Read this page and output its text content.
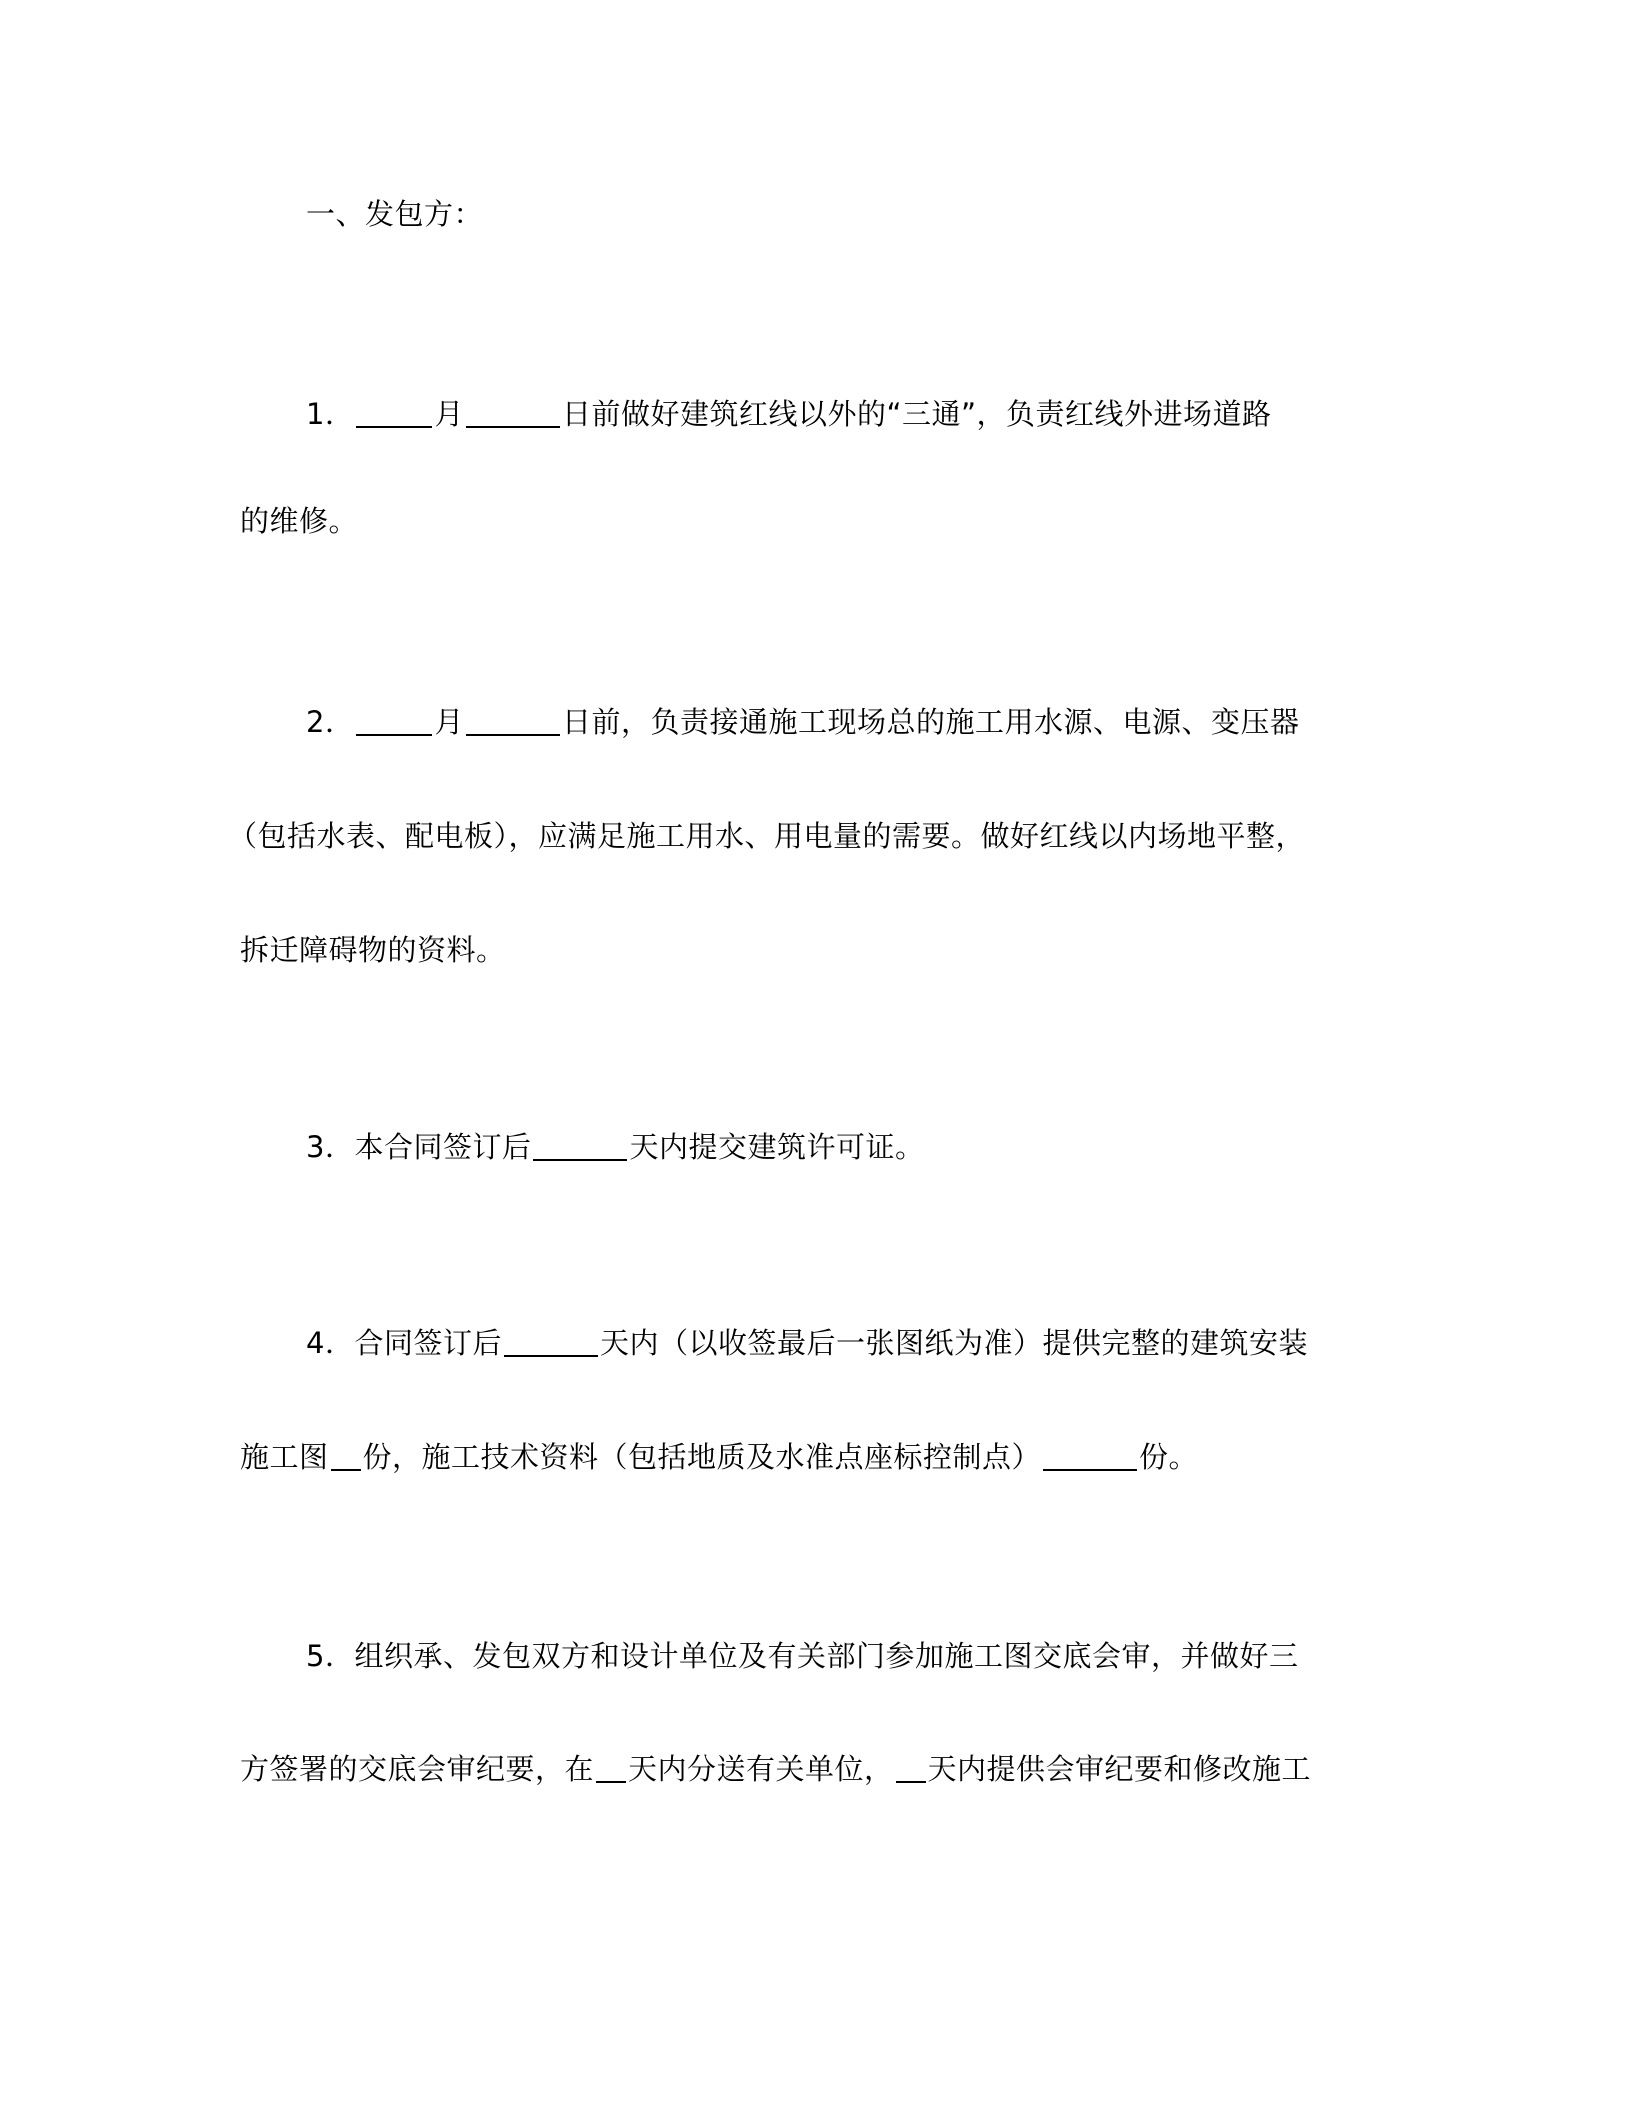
一、发包方：
1．	月	日前做好建筑红线以外的“三通”，负责红线外进场道路
的维修。
2．	月	日前，负责接通施工现场总的施工用水源、电源、变压器
（包括水表、配电板），应满足施工用水、用电量的需要。做好红线以内场地平整，
拆迁障碍物的资料。
3．本合同签订后	天内提交建筑许可证。
4．合同签订后	天内（以收签最后一张图纸为准）提供完整的建筑安装
施工图 份，施工技术资料（包括地质及水准点座标控制点）	份。
5．组织承、发包双方和设计单位及有关部门参加施工图交底会审，并做好三
方签署的交底会审纪要，在 天内分送有关单位， 天内提供会审纪要和修改施工
